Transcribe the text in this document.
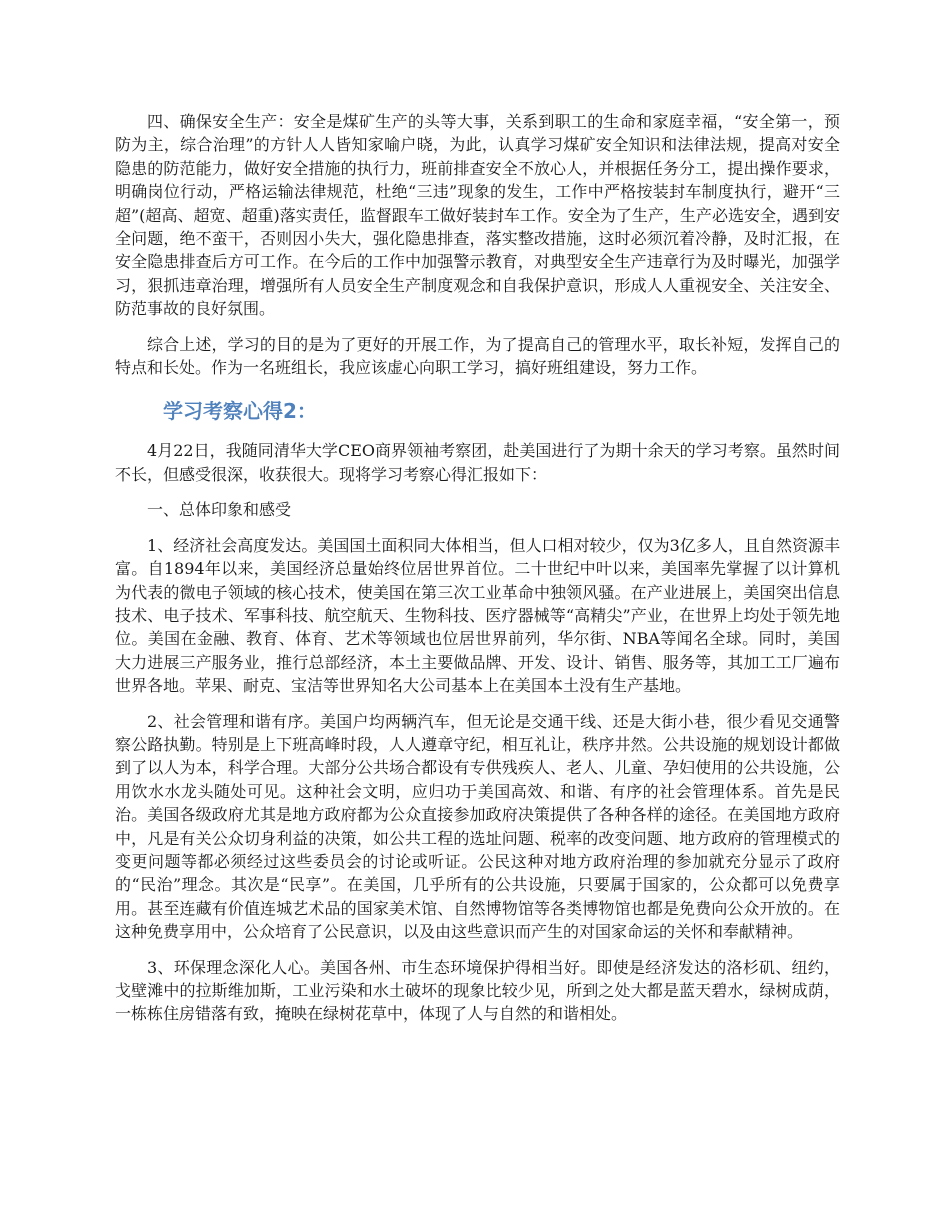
四、确保安全生产：安全是煤矿生产的头等大事，关系到职工的生命和家庭幸福，“安全第一，预防为主，综合治理”的方针人人皆知家喻户晓，为此，认真学习煤矿安全知识和法律法规，提高对安全隐患的防范能力，做好安全措施的执行力，班前排查安全不放心人，并根据任务分工，提出操作要求，明确岗位行动，严格运输法律规范，杜绝“三违”现象的发生，工作中严格按装封车制度执行，避开“三超”(超高、超宽、超重)落实责任，监督跟车工做好装封车工作。安全为了生产，生产必选安全，遇到安全问题，绝不蛮干，否则因小失大，强化隐患排查，落实整改措施，这时必须沉着冷静，及时汇报，在安全隐患排查后方可工作。在今后的工作中加强警示教育，对典型安全生产违章行为及时曝光，加强学习，狠抓违章治理，增强所有人员安全生产制度观念和自我保护意识，形成人人重视安全、关注安全、防范事故的良好氛围。

综合上述，学习的目的是为了更好的开展工作，为了提高自己的管理水平，取长补短，发挥自己的特点和长处。作为一名班组长，我应该虚心向职工学习，搞好班组建设，努力工作。

学习考察心得2：

4月22日，我随同清华大学CEO商界领袖考察团，赴美国进行了为期十余天的学习考察。虽然时间不长，但感受很深，收获很大。现将学习考察心得汇报如下：

一、总体印象和感受

1、经济社会高度发达。美国国土面积同大体相当，但人口相对较少，仅为3亿多人，且自然资源丰富。自1894年以来，美国经济总量始终位居世界首位。二十世纪中叶以来，美国率先掌握了以计算机为代表的微电子领域的核心技术，使美国在第三次工业革命中独领风骚。在产业进展上，美国突出信息技术、电子技术、军事科技、航空航天、生物科技、医疗器械等“高精尖”产业，在世界上均处于领先地位。美国在金融、教育、体育、艺术等领域也位居世界前列，华尔街、NBA等闻名全球。同时，美国大力进展三产服务业，推行总部经济，本土主要做品牌、开发、设计、销售、服务等，其加工工厂遍布世界各地。苹果、耐克、宝洁等世界知名大公司基本上在美国本土没有生产基地。

2、社会管理和谐有序。美国户均两辆汽车，但无论是交通干线、还是大街小巷，很少看见交通警察公路执勤。特别是上下班高峰时段，人人遵章守纪，相互礼让，秩序井然。公共设施的规划设计都做到了以人为本，科学合理。大部分公共场合都设有专供残疾人、老人、儿童、孕妇使用的公共设施，公用饮水水龙头随处可见。这种社会文明，应归功于美国高效、和谐、有序的社会管理体系。首先是民治。美国各级政府尤其是地方政府都为公众直接参加政府决策提供了各种各样的途径。在美国地方政府中，凡是有关公众切身利益的决策，如公共工程的选址问题、税率的改变问题、地方政府的管理模式的变更问题等都必须经过这些委员会的讨论或听证。公民这种对地方政府治理的参加就充分显示了政府的“民治”理念。其次是“民享”。在美国，几乎所有的公共设施，只要属于国家的，公众都可以免费享用。甚至连藏有价值连城艺术品的国家美术馆、自然博物馆等各类博物馆也都是免费向公众开放的。在这种免费享用中，公众培育了公民意识，以及由这些意识而产生的对国家命运的关怀和奉献精神。

3、环保理念深化人心。美国各州、市生态环境保护得相当好。即使是经济发达的洛杉矶、纽约，戈壁滩中的拉斯维加斯，工业污染和水土破坏的现象比较少见，所到之处大都是蓝天碧水，绿树成荫，一栋栋住房错落有致，掩映在绿树花草中，体现了人与自然的和谐相处。
